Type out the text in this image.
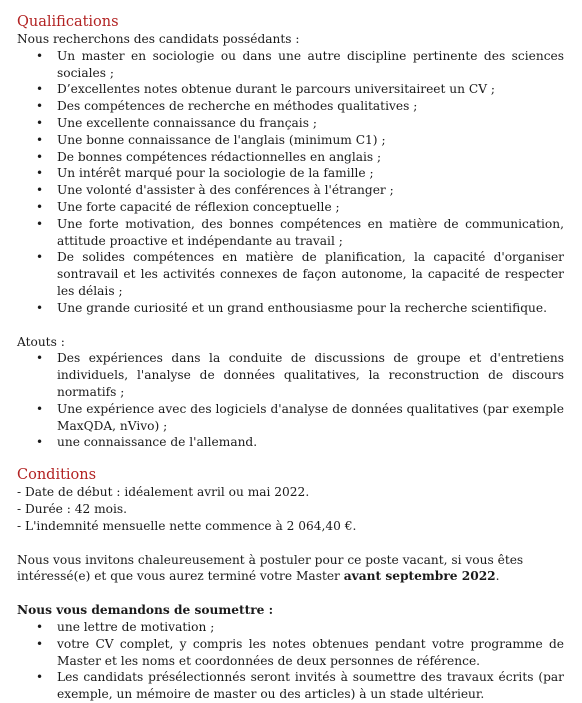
Qualifications

Nous recherchons des candidats possédants :

• Un master en sociologie ou dans une autre discipline pertinente des sciences sociales ;
• D’excellentes notes obtenue durant le parcours universitaireet un CV ;
• Des compétences de recherche en méthodes qualitatives ;
• Une excellente connaissance du français ;
• Une bonne connaissance de l'anglais (minimum C1) ;
• De bonnes compétences rédactionnelles en anglais ;
• Un intérêt marqué pour la sociologie de la famille ;
• Une volonté d'assister à des conférences à l'étranger ;
• Une forte capacité de réflexion conceptuelle ;
• Une forte motivation, des bonnes compétences en matière de communication, attitude proactive et indépendante au travail ;
• De solides compétences en matière de planification, la capacité d'organiser sontravail et les activités connexes de façon autonome, la capacité de respecter les délais ;
• Une grande curiosité et un grand enthousiasme pour la recherche scientifique.

Atouts :

• Des expériences dans la conduite de discussions de groupe et d'entretiens individuels, l'analyse de données qualitatives, la reconstruction de discours normatifs ;
• Une expérience avec des logiciels d'analyse de données qualitatives (par exemple MaxQDA, nVivo) ;
• une connaissance de l'allemand.
Conditions

- Date de début : idéalement avril ou mai 2022.

- Durée : 42 mois.

- L'indemnité mensuelle nette commence à 2 064,40 €.

Nous vous invitons chaleureusement à postuler pour ce poste vacant, si vous êtes intéressé(e) et que vous aurez terminé votre Master avant septembre 2022.

Nous vous demandons de soumettre :

• une lettre de motivation ;
• votre CV complet, y compris les notes obtenues pendant votre programme de Master et les noms et coordonnées de deux personnes de référence.
• Les candidats présélectionnés seront invités à soumettre des travaux écrits (par exemple, un mémoire de master ou des articles) à un stade ultérieur.
